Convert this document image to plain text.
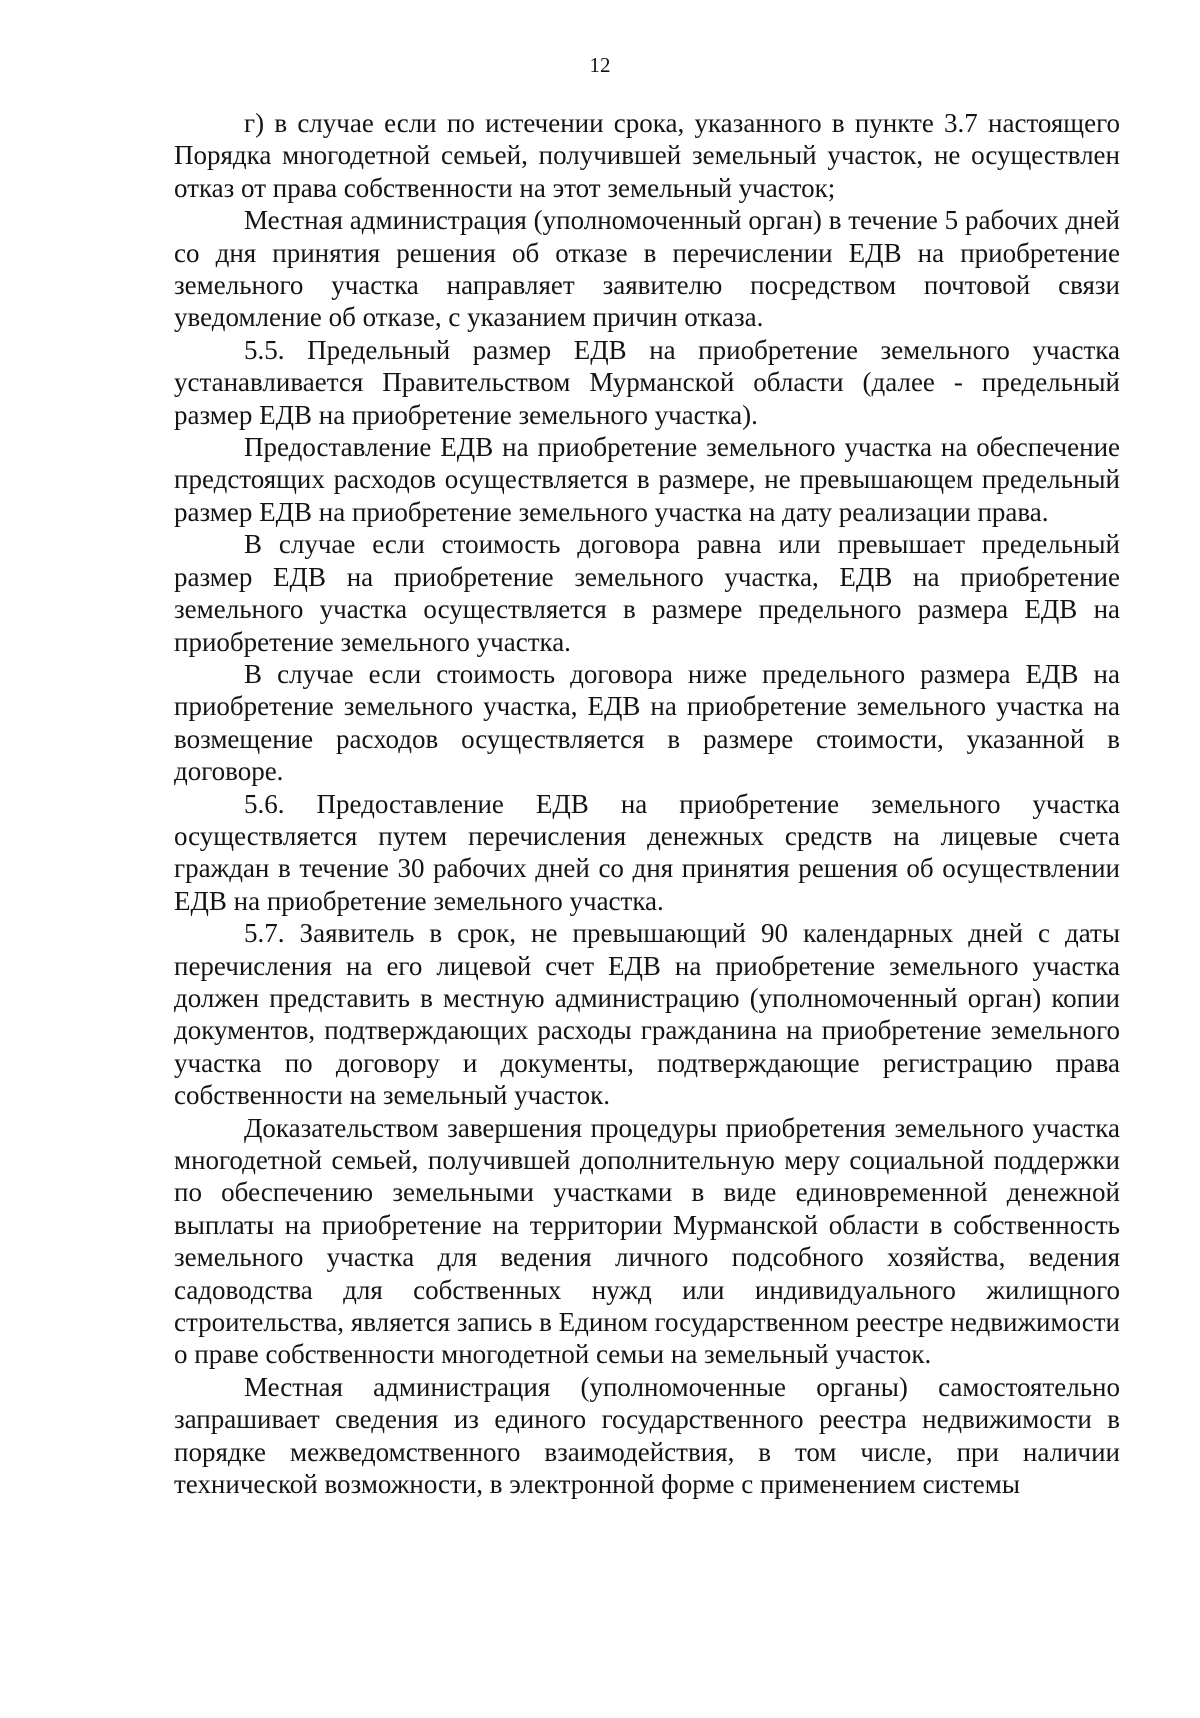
12

г) в случае если по истечении срока, указанного в пункте 3.7 настоящего Порядка многодетной семьей, получившей земельный участок, не осуществлен отказ от права собственности на этот земельный участок;

Местная администрация (уполномоченный орган) в течение 5 рабочих дней со дня принятия решения об отказе в перечислении ЕДВ на приобретение земельного участка направляет заявителю посредством почтовой связи уведомление об отказе, с указанием причин отказа.

5.5. Предельный размер ЕДВ на приобретение земельного участка устанавливается Правительством Мурманской области (далее - предельный размер ЕДВ на приобретение земельного участка).

Предоставление ЕДВ на приобретение земельного участка на обеспечение предстоящих расходов осуществляется в размере, не превышающем предельный размер ЕДВ на приобретение земельного участка на дату реализации права.

В случае если стоимость договора равна или превышает предельный размер ЕДВ на приобретение земельного участка, ЕДВ на приобретение земельного участка осуществляется в размере предельного размера ЕДВ на приобретение земельного участка.

В случае если стоимость договора ниже предельного размера ЕДВ на приобретение земельного участка, ЕДВ на приобретение земельного участка на возмещение расходов осуществляется в размере стоимости, указанной в договоре.

5.6. Предоставление ЕДВ на приобретение земельного участка осуществляется путем перечисления денежных средств на лицевые счета граждан в течение 30 рабочих дней со дня принятия решения об осуществлении ЕДВ на приобретение земельного участка.

5.7. Заявитель в срок, не превышающий 90 календарных дней с даты перечисления на его лицевой счет ЕДВ на приобретение земельного участка должен представить в местную администрацию (уполномоченный орган) копии документов, подтверждающих расходы гражданина на приобретение земельного участка по договору и документы, подтверждающие регистрацию права собственности на земельный участок.

Доказательством завершения процедуры приобретения земельного участка многодетной семьей, получившей дополнительную меру социальной поддержки по обеспечению земельными участками в виде единовременной денежной выплаты на приобретение на территории Мурманской области в собственность земельного участка для ведения личного подсобного хозяйства, ведения садоводства для собственных нужд или индивидуального жилищного строительства, является запись в Едином государственном реестре недвижимости о праве собственности многодетной семьи на земельный участок.

Местная администрация (уполномоченные органы) самостоятельно запрашивает сведения из единого государственного реестра недвижимости в порядке межведомственного взаимодействия, в том числе, при наличии технической возможности, в электронной форме с применением системы
